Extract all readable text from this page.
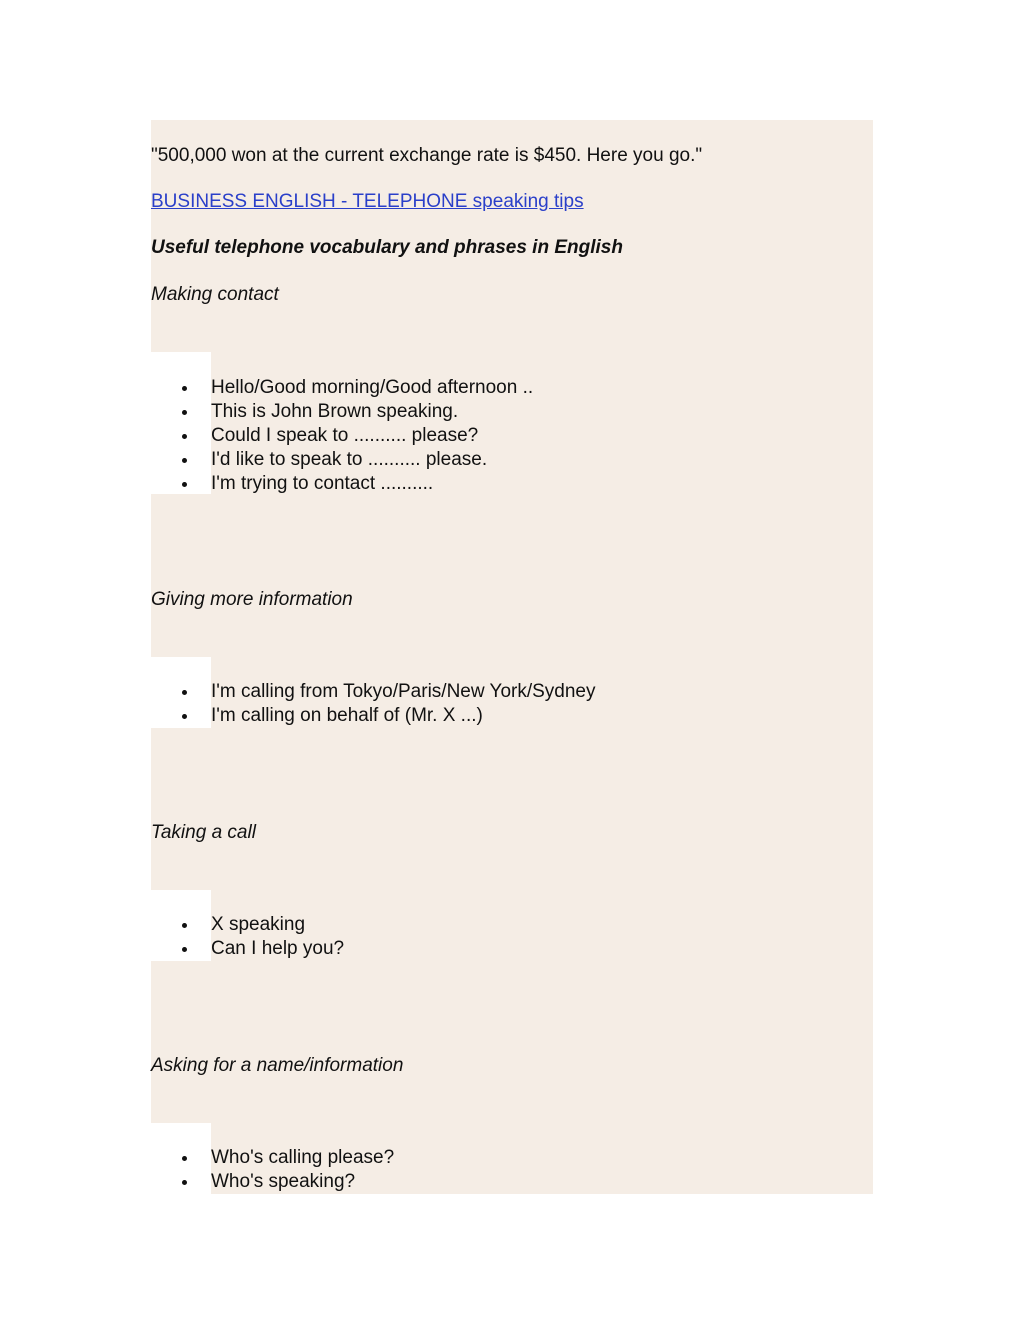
"500,000 won at the current exchange rate is $450. Here you go."
BUSINESS ENGLISH - TELEPHONE speaking tips
Useful telephone vocabulary and phrases in English
Making contact
Hello/Good morning/Good afternoon ..
This is John Brown speaking.
Could I speak to .......... please?
I'd like to speak to .......... please.
I'm trying to contact ..........
Giving more information
I'm calling from Tokyo/Paris/New York/Sydney
I'm calling on behalf of (Mr. X ...)
Taking a call
X speaking
Can I help you?
Asking for a name/information
Who's calling please?
Who's speaking?
